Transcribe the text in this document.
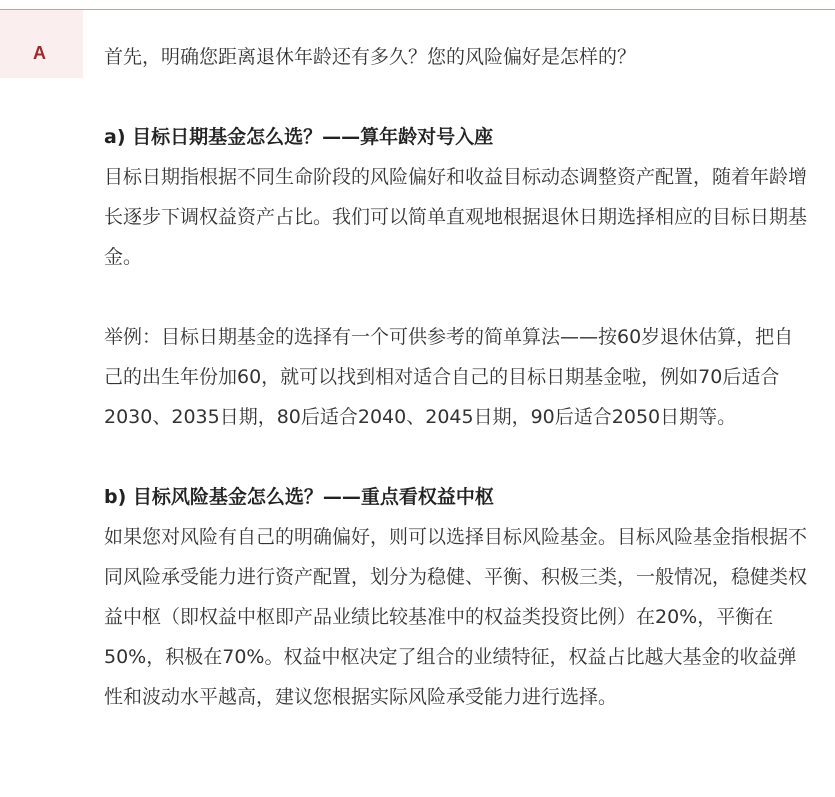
A	首先，明确您距离退休年龄还有多久？您的风险偏好是怎样的？

a) 目标日期基金怎么选？——算年龄对号入座

目标日期指根据不同生命阶段的风险偏好和收益目标动态调整资产配置，随着年龄增长逐步下调权益资产占比。我们可以简单直观地根据退休日期选择相应的目标日期基金。

举例：目标日期基金的选择有一个可供参考的简单算法——按60岁退休估算，把自己的出生年份加60，就可以找到相对适合自己的目标日期基金啦，例如70后适合2030、2035日期，80后适合2040、2045日期，90后适合2050日期等。

b) 目标风险基金怎么选？——重点看权益中枢

如果您对风险有自己的明确偏好，则可以选择目标风险基金。目标风险基金指根据不同风险承受能力进行资产配置，划分为稳健、平衡、积极三类，一般情况，稳健类权益中枢（即权益中枢即产品业绩比较基准中的权益类投资比例）在20%，平衡在50%，积极在70%。权益中枢决定了组合的业绩特征，权益占比越大基金的收益弹性和波动水平越高，建议您根据实际风险承受能力进行选择。
